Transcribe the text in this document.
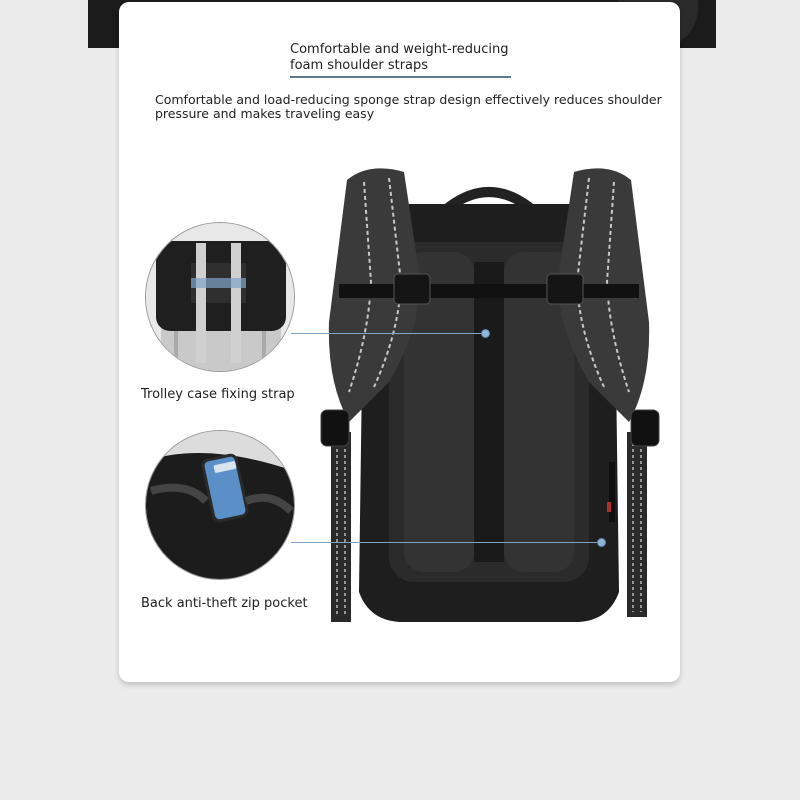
Comfortable and weight-reducing
foam shoulder straps
Comfortable and load-reducing sponge strap design effectively reduces shoulder
pressure and makes traveling easy
Trolley case fixing strap
Back anti-theft zip pocket
